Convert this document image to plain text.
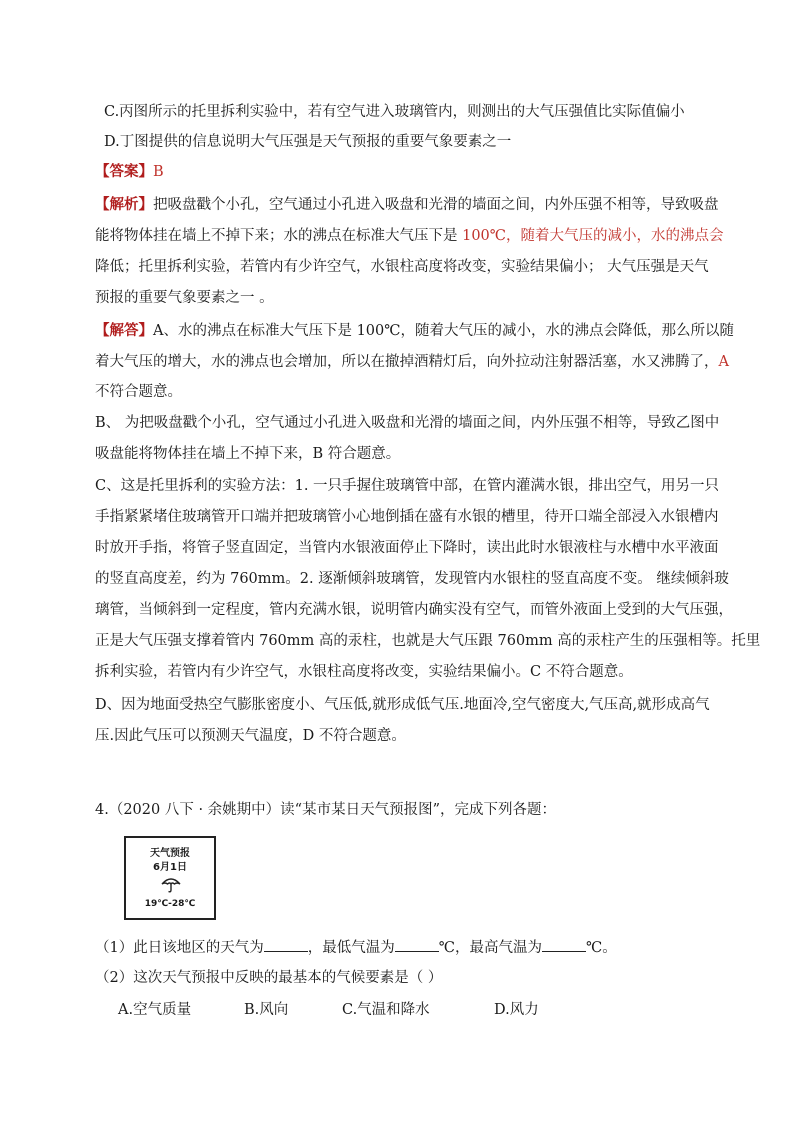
C.丙图所示的托里拆利实验中，若有空气进入玻璃管内，则测出的大气压强值比实际值偏小
D.丁图提供的信息说明大气压强是天气预报的重要气象要素之一
【答案】B
【解析】把吸盘戳个小孔，空气通过小孔进入吸盘和光滑的墙面之间，内外压强不相等，导致吸盘
能将物体挂在墙上不掉下来；水的沸点在标准大气压下是 100℃，随着大气压的减小，水的沸点会
降低；托里拆利实验，若管内有少许空气，水银柱高度将改变，实验结果偏小； 大气压强是天气
预报的重要气象要素之一 。
【解答】A、水的沸点在标准大气压下是 100℃，随着大气压的减小，水的沸点会降低，那么所以随
着大气压的增大，水的沸点也会增加，所以在撤掉酒精灯后，向外拉动注射器活塞，水又沸腾了，A
不符合题意。
B、 为把吸盘戳个小孔，空气通过小孔进入吸盘和光滑的墙面之间，内外压强不相等，导致乙图中
吸盘能将物体挂在墙上不掉下来，B 符合题意。
C、这是托里拆利的实验方法：1. 一只手握住玻璃管中部，在管内灌满水银，排出空气，用另一只
手指紧紧堵住玻璃管开口端并把玻璃管小心地倒插在盛有水银的槽里，待开口端全部浸入水银槽内
时放开手指，将管子竖直固定，当管内水银液面停止下降时，读出此时水银液柱与水槽中水平液面
的竖直高度差，约为 760mm。2. 逐渐倾斜玻璃管，发现管内水银柱的竖直高度不变。 继续倾斜玻
璃管，当倾斜到一定程度，管内充满水银，说明管内确实没有空气，而管外液面上受到的大气压强，
正是大气压强支撑着管内 760mm 高的汞柱，也就是大气压跟 760mm 高的汞柱产生的压强相等。托里
拆利实验，若管内有少许空气，水银柱高度将改变，实验结果偏小。C 不符合题意。
D、因为地面受热空气膨胀密度小、气压低,就形成低气压.地面冷,空气密度大,气压高,就形成高气
压.因此气压可以预测天气温度，D 不符合题意。
4.（2020 八下 · 余姚期中）读“某市某日天气预报图”，完成下列各题：
天气预报
6月1日
19℃-28℃
（1）此日该地区的天气为	，最低气温为	℃，最高气温为	℃。
（2）这次天气预报中反映的最基本的气候要素是（ ）
A.空气质量	B.风向	C.气温和降水	D.风力
